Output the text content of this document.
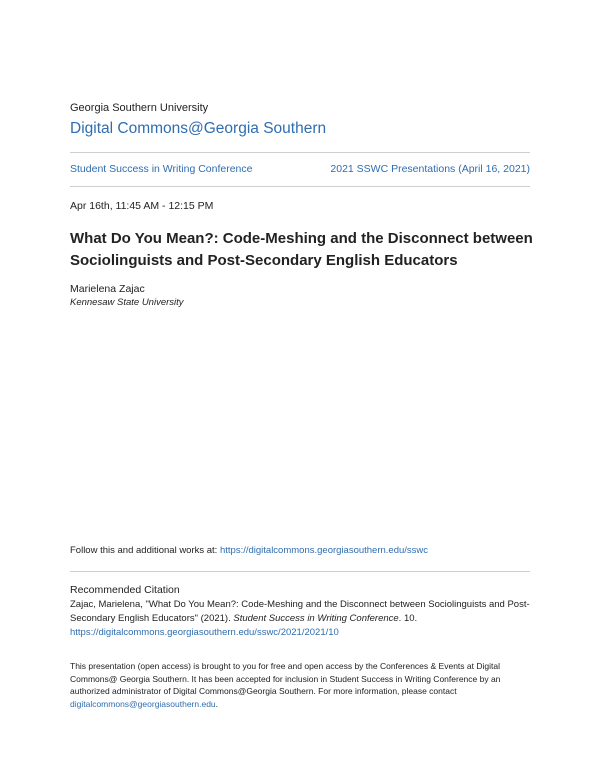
Georgia Southern University
Digital Commons@Georgia Southern
Student Success in Writing Conference	2021 SSWC Presentations (April 16, 2021)
Apr 16th, 11:45 AM - 12:15 PM
What Do You Mean?: Code-Meshing and the Disconnect between Sociolinguists and Post-Secondary English Educators
Marielena Zajac
Kennesaw State University
Follow this and additional works at: https://digitalcommons.georgiasouthern.edu/sswc
Recommended Citation
Zajac, Marielena, "What Do You Mean?: Code-Meshing and the Disconnect between Sociolinguists and Post-Secondary English Educators" (2021). Student Success in Writing Conference. 10.
https://digitalcommons.georgiasouthern.edu/sswc/2021/2021/10
This presentation (open access) is brought to you for free and open access by the Conferences & Events at Digital Commons@ Georgia Southern. It has been accepted for inclusion in Student Success in Writing Conference by an authorized administrator of Digital Commons@Georgia Southern. For more information, please contact digitalcommons@georgiasouthern.edu.
